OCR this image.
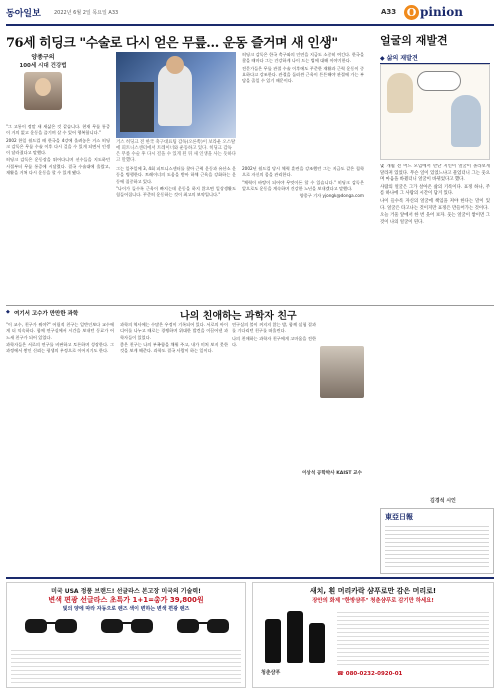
동아일보	2022년 6월 2일 목요일 A33	A33 O pinion
76세 히딩크 "수술로 다시 얻은 무릎… 운동 즐거며 새 인생"
양종구의
100세 시대 건강법

"그 고통이 정말 새 새삶은 것 같습니다. 현재 무릎 통증이 거의 없고 운동을 즐기며 살 수 있어 행복합니다."

2002 한일 월드컵 때 한국을 4강에 올려놓은 거스 히딩크 감독은 무릎 수술 이후 다시 걸을 수 있게 되면서 인생이 달라졌다고 말했다.

히딩크 감독은 운동장을 뛰어다니며 선수들을 지도하던 시절부터 무릎 통증에 시달렸다. 결국 수술대에 올랐고, 재활을 거쳐 다시 운동을 할 수 있게 됐다.

거스 히딩크 전 한국 축구대표팀 감독(오른쪽)이 보라운 오스탈에 피트니스센터에서 트레이너와 운동하고 있다. 히딩크 감독은 무릎 수술 후 다시 걸을 수 있게 된 뒤 새 인생을 사는 듯하다고 말했다.

그는 일주일에 3, 4회 피트니스센터를 찾아 근력 운동과 유산소 운동을 병행한다. 트레이너의 도움을 받아 하체 근육을 강화하는 운동에 집중하고 있다.

"나이가 들수록 근육이 빠지는데 운동을 하지 않으면 일상생활도 힘들어집니다. 꾸준히 운동하는 것이 최고의 보약입니다."

히딩크 감독은 한국 축구와의 인연을 지금도 소중히 여긴다. 한국을 찾을 때마다 그는 건강하게 나이 드는 법에 대해 이야기한다.

전문가들은 무릎 관절 수술 이후에도 꾸준한 재활과 근력 운동이 중요하다고 강조한다. 관절을 둘러싼 근육이 튼튼해야 관절에 가는 부담을 줄일 수 있기 때문이다.

2002년 월드컵 당시 체력 훈련을 강조했던 그는 지금도 같은 철학으로 자신의 몸을 관리한다.

"체력이 바탕이 되어야 무엇이든 할 수 있습니다." 히딩크 감독은 앞으로도 운동을 계속하며 건강한 노년을 보내겠다고 말했다.

양종구 기자 yjongk@donga.com

얼굴의 재발견
◆ 삶의 재발견

몇 개월 전 어느 모임에서 만난 지인이 얼굴이 몰라보게 달라져 있었다. 무슨 일이 있었느냐고 물었더니 그는 웃으며 마음을 바꿨더니 얼굴이 바뀌었다고 했다.

사람의 얼굴은 그가 살아온 삶의 기록이다. 표정 하나, 주름 하나에 그 사람의 시간이 담겨 있다.

나이 들수록 자신의 얼굴에 책임을 져야 한다는 말이 있다. 얼굴은 타고나는 것이지만 표정은 만들어가는 것이다.

오늘 거울 앞에서 한 번 웃어 보자. 웃는 얼굴이 쌓이면 그것이 나의 얼굴이 된다.

김경석 시인
◆ 여기서 고수가 만만한 과학	나의 친애하는 과학자 친구

"이 교수, 친구가 뭐야?" 어릴적 친구는 일반인보다 교수에게 더 익숙하다. 함께 연구실에서 시간을 보내던 동료가 어느새 친구가 되어 있었다.

과학자들은 서로의 연구를 비판하고 토론하며 성장한다. 그 과정에서 쌓인 신뢰는 평생의 우정으로 이어지기도 한다.

과학의 역사에는 수많은 우정이 기록되어 있다. 서로의 아이디어를 나누고 때로는 경쟁하며 위대한 발견을 이끌어낸 과학자들이 있었다.

좋은 친구는 나의 부족함을 채워 주고, 내가 미처 보지 못한 것을 보게 해준다. 과학도 결국 사람이 하는 일이다.

연구실의 불이 꺼지지 않는 밤, 함께 실험 결과를 기다리던 친구를 떠올린다.

나의 친애하는 과학자 친구에게 고마움을 전한다.

이상석 공학박사 KAIST 교수
東亞日報
미국 USA 정품 브랜드! 선글라스 본고장 미국의 기술력!
변색 편광 선글라스 초특가 1+1=총가 39,800원
빛의 양에 따라 자동으로 렌즈 색이 변하는 변색 편광 렌즈
새치, 흰 머리카락 샴푸로만 감은 머리로!
장안의 화제 "한방샴푸" 청춘샴푸로 감기만 하세요!
청춘샴푸	☎ 080-0232-0920-01
